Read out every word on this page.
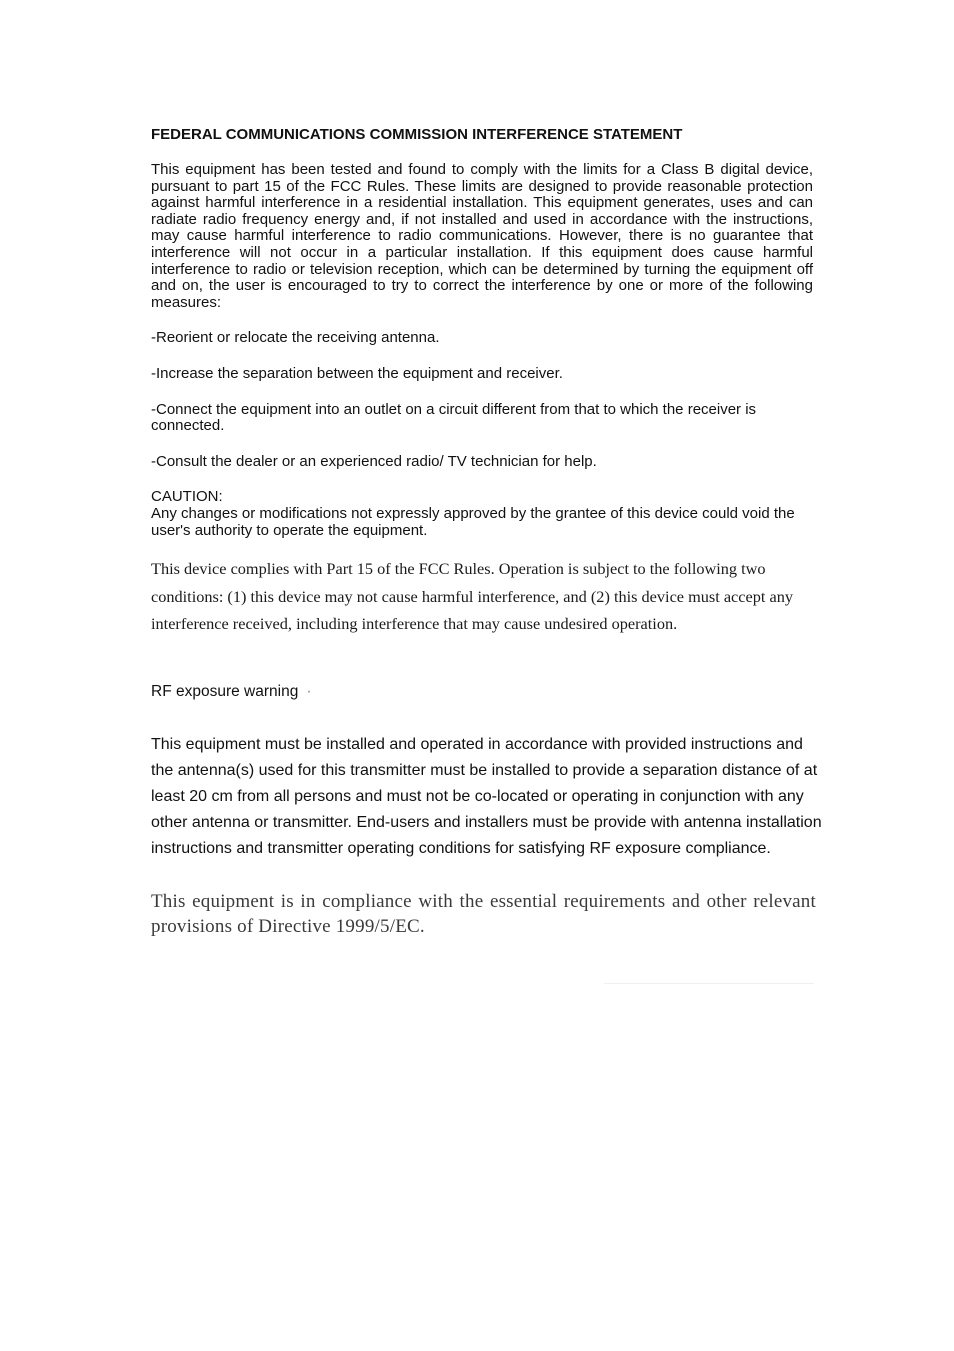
FEDERAL COMMUNICATIONS COMMISSION INTERFERENCE STATEMENT

This equipment has been tested and found to comply with the limits for a Class B digital device, pursuant to part 15 of the FCC Rules. These limits are designed to provide reasonable protection against harmful interference in a residential installation. This equipment generates, uses and can radiate radio frequency energy and, if not installed and used in accordance with the instructions, may cause harmful interference to radio communications. However, there is no guarantee that interference will not occur in a particular installation. If this equipment does cause harmful interference to radio or television reception, which can be determined by turning the equipment off and on, the user is encouraged to try to correct the interference by one or more of the following measures:

-Reorient or relocate the receiving antenna.

-Increase the separation between the equipment and receiver.

-Connect the equipment into an outlet on a circuit different from that to which the receiver is connected.

-Consult the dealer or an experienced radio/ TV technician for help.

CAUTION:

Any changes or modifications not expressly approved by the grantee of this device could void the user's authority to operate the equipment.

This device complies with Part 15 of the FCC Rules. Operation is subject to the following two conditions: (1) this device may not cause harmful interference, and (2) this device must accept any interference received, including interference that may cause undesired operation.

RF exposure warning ·

This equipment must be installed and operated in accordance with provided instructions and the antenna(s) used for this transmitter must be installed to provide a separation distance of at least 20 cm from all persons and must not be co-located or operating in conjunction with any other antenna or transmitter. End-users and installers must be provide with antenna installation instructions and transmitter operating conditions for satisfying RF exposure compliance.

This equipment is in compliance with the essential requirements and other relevant provisions of Directive 1999/5/EC.
